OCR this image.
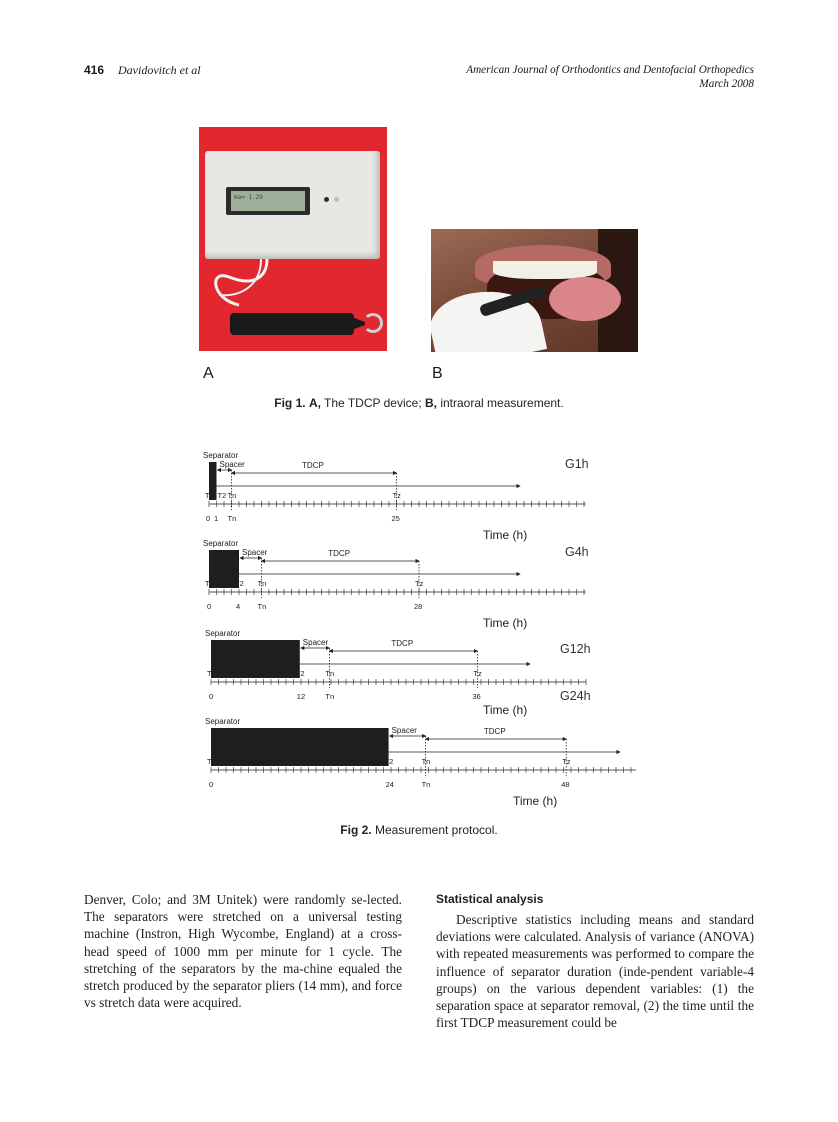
416 Davidovitch et al	American Journal of Orthodontics and Dentofacial Orthopedics
March 2008
ma= 1.29
A	B
Fig 1. A, The TDCP device; B, intraoral measurement.
Separator
Spacer	TDCP
T1 T2 Tn	Tz
0 1 Tn	25
Time (h)
G1h
Separator
Spacer	TDCP
T1	T2 Tn	Tz
0	4 Tn	28
Time (h)
G4h
Separator
Spacer	TDCP
T1	T2	Tn	Tz
0	12	Tn	36
Time (h)
G12h
Separator
Spacer	TDCP
T1	T2	Tn	Tz
0	24	Tn	48
Time (h)
G24h
Fig 2. Measurement protocol.

Denver, Colo; and 3M Unitek) were randomly se-lected. The separators were stretched on a universal testing machine (Instron, High Wycombe, England) at a cross-head speed of 1000 mm per minute for 1 cycle. The stretching of the separators by the ma-chine equaled the stretch produced by the separator pliers (14 mm), and force vs stretch data were acquired.

Statistical analysis

Descriptive statistics including means and standard deviations were calculated. Analysis of variance (ANOVA) with repeated measurements was performed to compare the influence of separator duration (inde-pendent variable-4 groups) on the various dependent variables: (1) the separation space at separator removal, (2) the time until the first TDCP measurement could be
